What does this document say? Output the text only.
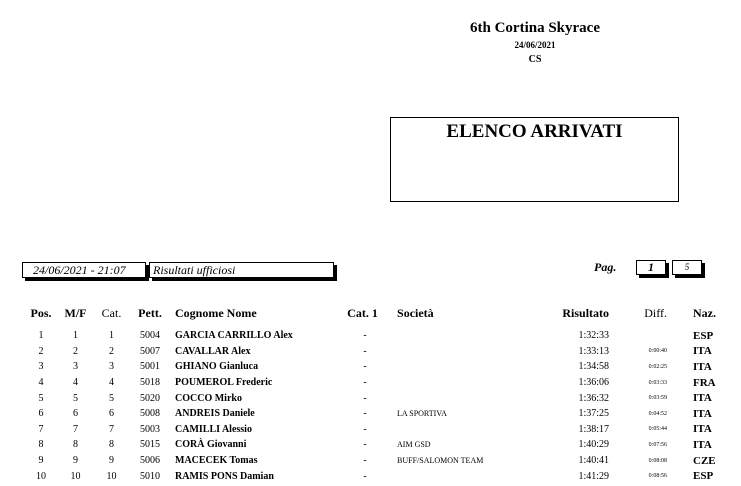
6th Cortina Skyrace
24/06/2021
CS
ELENCO ARRIVATI
24/06/2021 - 21:07	Risultati ufficiosi	Pag.	1	5
	Pos.	M/F	Cat.	Pett.	Cognome Nome	Cat. 1	Società	Risultato	Diff.		Naz.
	1	1	1	5004	GARCIA CARRILLO Alex	-		1:32:33			ESP
	2	2	2	5007	CAVALLAR Alex	-		1:33:13	0:00:40		ITA
	3	3	3	5001	GHIANO Gianluca	-		1:34:58	0:02:25		ITA
	4	4	4	5018	POUMEROL Frederic	-		1:36:06	0:03:33		FRA
	5	5	5	5020	COCCO Mirko	-		1:36:32	0:03:59		ITA
	6	6	6	5008	ANDREIS Daniele	-	LA SPORTIVA	1:37:25	0:04:52		ITA
	7	7	7	5003	CAMILLI Alessio	-		1:38:17	0:05:44		ITA
	8	8	8	5015	CORÀ Giovanni	-	AIM GSD	1:40:29	0:07:56		ITA
	9	9	9	5006	MACECEK Tomas	-	BUFF/SALOMON TEAM	1:40:41	0:08:08		CZE
	10	10	10	5010	RAMIS PONS Damian	-		1:41:29	0:08:56		ESP
